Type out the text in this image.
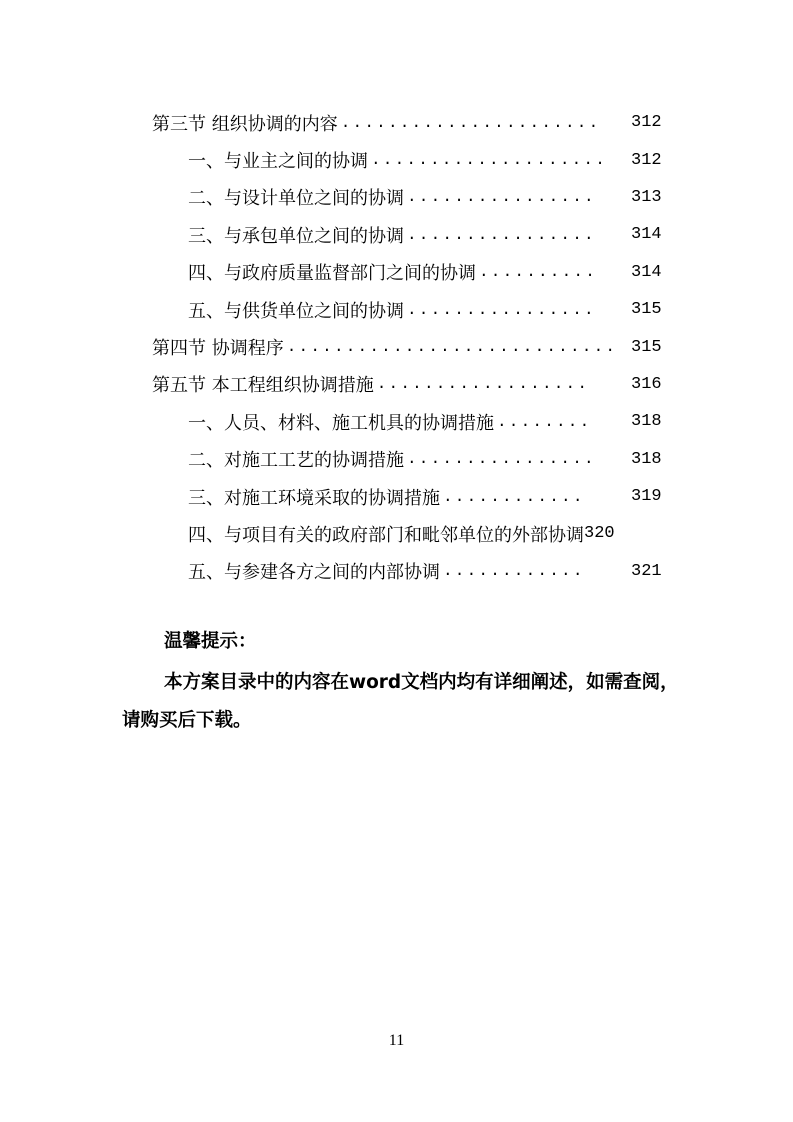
第三节 组织协调的内容 ......................	312
一、与业主之间的协调 ....................	312
二、与设计单位之间的协调 ................	313
三、与承包单位之间的协调 ................	314
四、与政府质量监督部门之间的协调 ..........	314
五、与供货单位之间的协调 ................	315
第四节 协调程序 ............................ 315
第五节 本工程组织协调措施 ..................	316
一、人员、材料、施工机具的协调措施 ........	318
二、对施工工艺的协调措施 ................	318
三、对施工环境采取的协调措施 ............	319
四、与项目有关的政府部门和毗邻单位的外部协调 320
五、与参建各方之间的内部协调 ............	321
温馨提示：
本方案目录中的内容在word文档内均有详细阐述，如需查阅，请购买后下载。
11
